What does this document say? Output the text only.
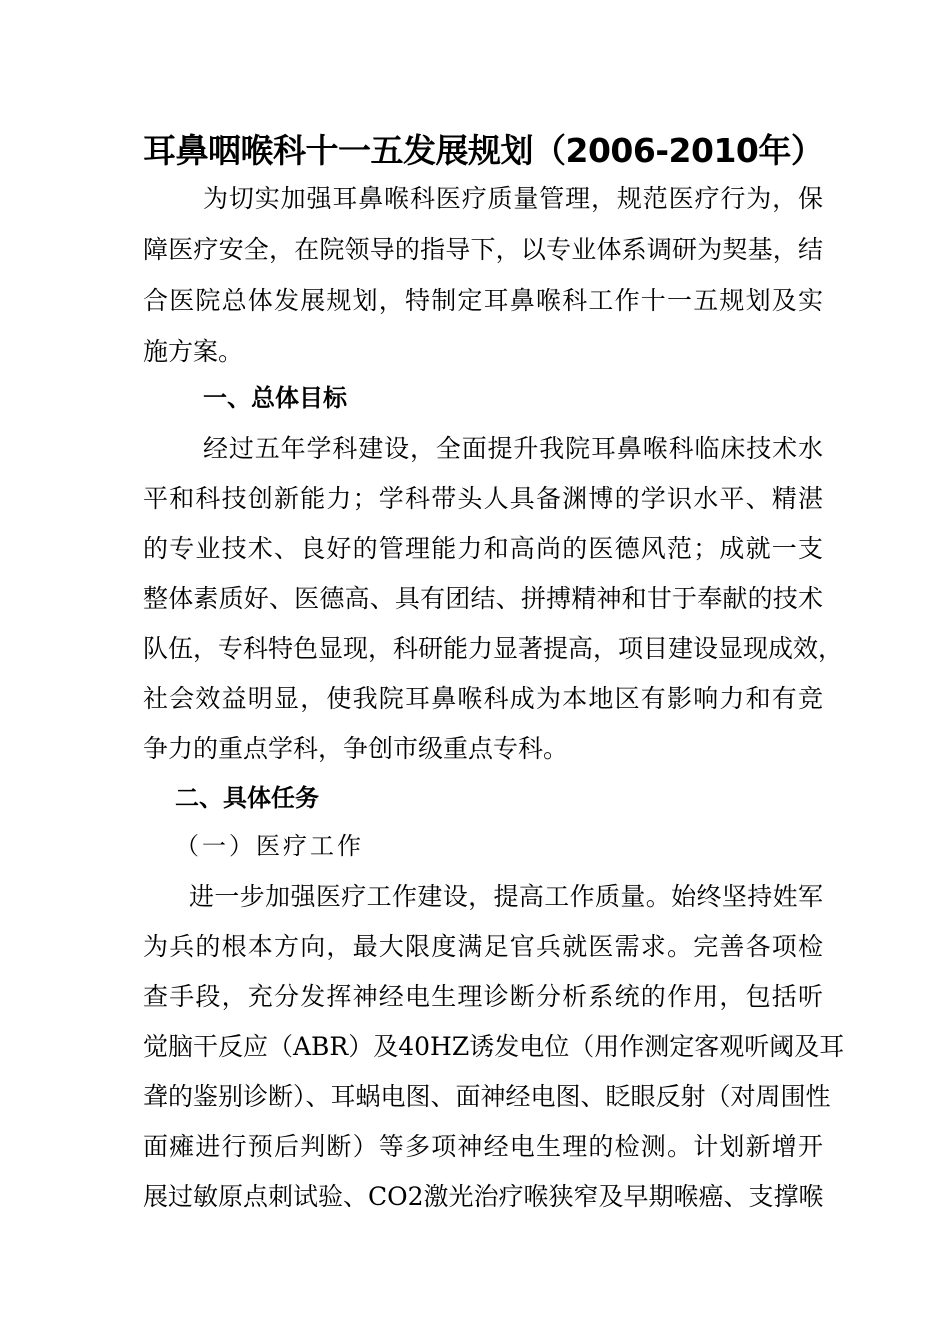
耳鼻咽喉科十一五发展规划（2006-2010年）
为切实加强耳鼻喉科医疗质量管理，规范医疗行为，保
障医疗安全，在院领导的指导下，以专业体系调研为契基，结
合医院总体发展规划，特制定耳鼻喉科工作十一五规划及实
施方案。
一、总体目标
经过五年学科建设，全面提升我院耳鼻喉科临床技术水
平和科技创新能力；学科带头人具备渊博的学识水平、精湛
的专业技术、良好的管理能力和高尚的医德风范；成就一支
整体素质好、医德高、具有团结、拼搏精神和甘于奉献的技术
队伍，专科特色显现，科研能力显著提高，项目建设显现成效，
社会效益明显，使我院耳鼻喉科成为本地区有影响力和有竞
争力的重点学科，争创市级重点专科。
二、具体任务
（一）医疗工作
进一步加强医疗工作建设，提高工作质量。始终坚持姓军
为兵的根本方向，最大限度满足官兵就医需求。完善各项检
查手段，充分发挥神经电生理诊断分析系统的作用，包括听
觉脑干反应（ABR）及40HZ诱发电位（用作测定客观听阈及耳
聋的鉴别诊断）、耳蜗电图、面神经电图、眨眼反射（对周围性
面瘫进行预后判断）等多项神经电生理的检测。计划新增开
展过敏原点刺试验、CO2激光治疗喉狭窄及早期喉癌、支撑喉
